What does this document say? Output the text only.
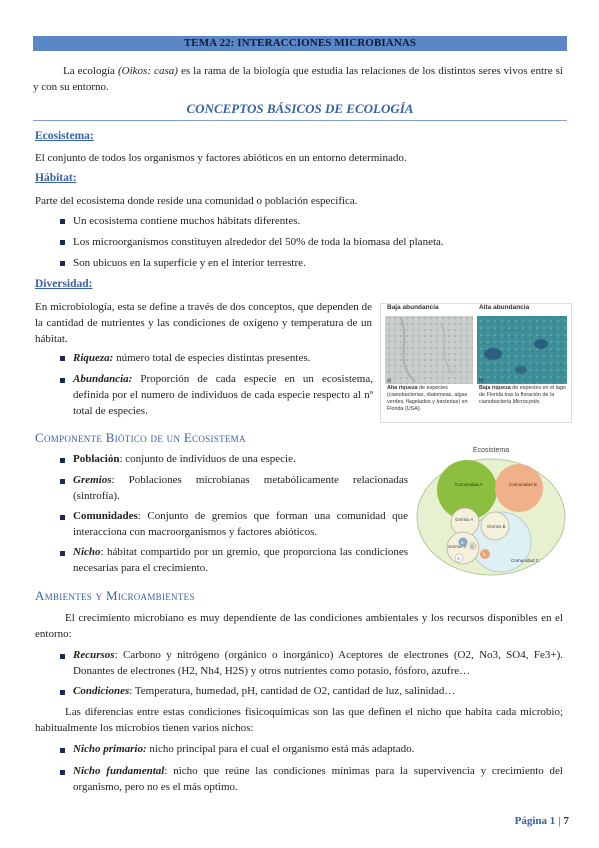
TEMA 22: INTERACCIONES MICROBIANAS
La ecología (Oikos: casa) es la rama de la biología que estudia las relaciones de los distintos seres vivos entre sí y con su entorno.
CONCEPTOS BÁSICOS DE ECOLOGÍA
Ecosistema:
El conjunto de todos los organismos y factores abióticos en un entorno determinado.
Hábitat:
Parte del ecosistema donde reside una comunidad o población específica.
Un ecosistema contiene muchos hábitats diferentes.
Los microorganismos constituyen alrededor del 50% de toda la biomasa del planeta.
Son ubicuos en la superficie y en el interior terrestre.
Diversidad:
En microbiología, esta se define a través de dos conceptos, que dependen de la cantidad de nutrientes y las condiciones de oxígeno y temperatura de un hábitat.
Riqueza: número total de especies distintas presentes.
Abundancia: Proporción de cada especie en un ecosistema, definida por el numero de individuos de cada especie respecto al nº total de especies.
Baja abundancia	Alta abundancia
a)	b)
Alta riqueza de especies (cianobacterias, diatomeas, algas verdes, flagelados y bacterias) en Florida (USA).
Baja riqueza de especies en el lago de Florida tras la floración de la cianobacteria Microcystis.
Componente Biótico de un Ecosistema
Población: conjunto de individuos de una especie.
Gremios: Poblaciones microbianas metabólicamente relacionadas (sintrofía).
Comunidades: Conjunto de gremios que forman una comunidad que interacciona con macroorganismos y factores abióticos.
Nicho: hábitat compartido por un gremio, que proporciona las condiciones necesarias para el crecimiento.
Ecosistema
Comunidad A	Comunidad B
Comunidad C
Gremio A
Gremio B
Gremio C
a
b
c
A
Ambientes y Microambientes
El crecimiento microbiano es muy dependiente de las condiciones ambientales y los recursos disponibles en el entorno:
Recursos: Carbono y nitrógeno (orgánico o inorgánico) Aceptores de electrones (O2, No3, SO4, Fe3+). Donantes de electrones (H2, Nh4, H2S) y otros nutrientes como potasio, fósforo, azufre…
Condiciones: Temperatura, humedad, pH, cantidad de O2, cantidad de luz, salinidad…
Las diferencias entre estas condiciones fisicoquímicas son las que definen el nicho que habita cada microbio; habitualmente los microbios tienen varios nichos:
Nicho primario: nicho principal para el cual el organismo está más adaptado.
Nicho fundamental: nicho que reúne las condiciones mínimas para la supervivencia y crecimiento del organismo, pero no es el más optimo.
Página 1 | 7
